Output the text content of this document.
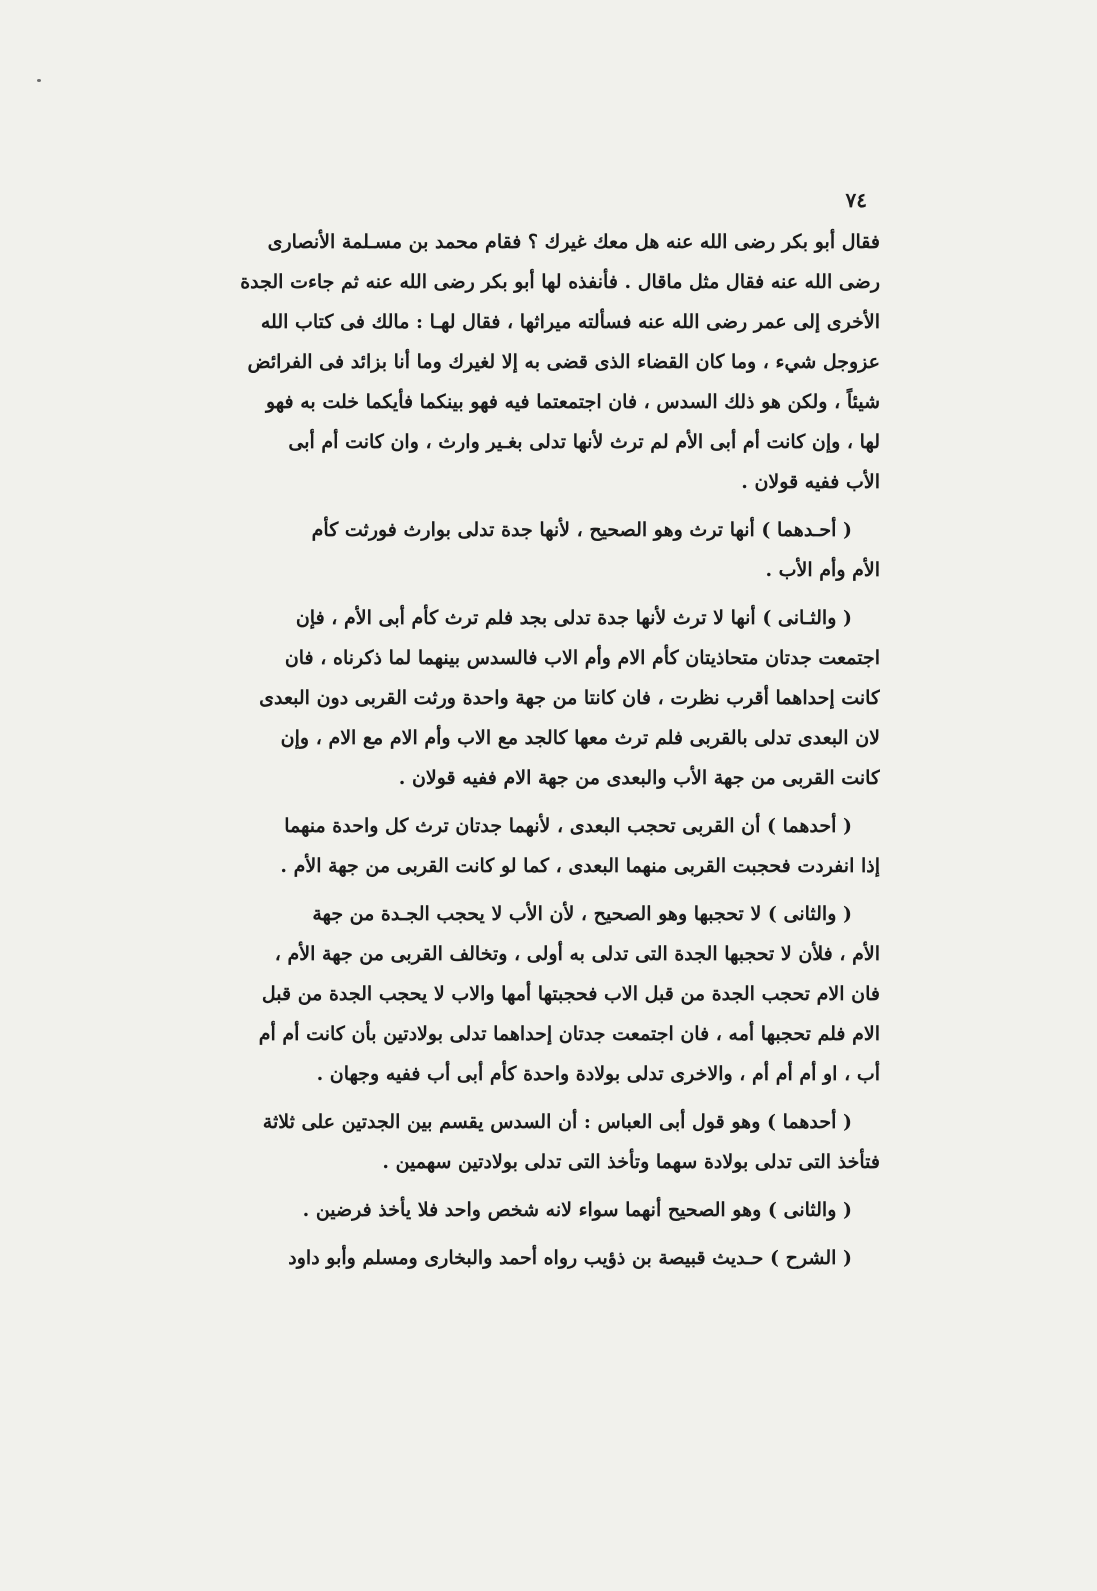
٧٤
فقال أبو بكر رضى الله عنه هل معك غيرك ؟ فقام محمد بن مسـلمة الأنصارى
رضى الله عنه فقال مثل ماقال . فأنفذه لها أبو بكر رضى الله عنه ثم جاءت الجدة
الأخرى إلى عمر رضى الله عنه فسألته ميراثها ، فقال لهـا : مالك فى كتاب الله
عزوجل شيء ، وما كان القضاء الذى قضى به إلا لغيرك وما أنا بزائد فى الفرائض
شيئاً ، ولكن هو ذلك السدس ، فان اجتمعتما فيه فهو بينكما فأيكما خلت به فهو
لها ، وإن كانت أم أبى الأم لم ترث لأنها تدلى بغـير وارث ، وان كانت أم أبى
الأب ففيه قولان .
( أحـدهما ) أنها ترث وهو الصحيح ، لأنها جدة تدلى بوارث فورثت كأم
الأم وأم الأب .
( والثـانى ) أنها لا ترث لأنها جدة تدلى بجد فلم ترث كأم أبى الأم ، فإن
اجتمعت جدتان متحاذيتان كأم الام وأم الاب فالسدس بينهما لما ذكرناه ، فان
كانت إحداهما أقرب نظرت ، فان كانتا من جهة واحدة ورثت القربى دون البعدى
لان البعدى تدلى بالقربى فلم ترث معها كالجد مع الاب وأم الام مع الام ، وإن
كانت القربى من جهة الأب والبعدى من جهة الام ففيه قولان .
( أحدهما ) أن القربى تحجب البعدى ، لأنهما جدتان ترث كل واحدة منهما
إذا انفردت فحجبت القربى منهما البعدى ، كما لو كانت القربى من جهة الأم .
( والثانى ) لا تحجبها وهو الصحيح ، لأن الأب لا يحجب الجـدة من جهة
الأم ، فلأن لا تحجبها الجدة التى تدلى به أولى ، وتخالف القربى من جهة الأم ،
فان الام تحجب الجدة من قبل الاب فحجبتها أمها والاب لا يحجب الجدة من قبل
الام فلم تحجبها أمه ، فان اجتمعت جدتان إحداهما تدلى بولادتين بأن كانت أم أم
أب ، او أم أم أم ، والاخرى تدلى بولادة واحدة كأم أبى أب ففيه وجهان .
( أحدهما ) وهو قول أبى العباس : أن السدس يقسم بين الجدتين على ثلاثة
فتأخذ التى تدلى بولادة سهما وتأخذ التى تدلى بولادتين سهمين .
( والثانى ) وهو الصحيح أنهما سواء لانه شخص واحد فلا يأخذ فرضين .
( الشرح ) حـديث قبيصة بن ذؤيب رواه أحمد والبخارى ومسلم وأبو داود
